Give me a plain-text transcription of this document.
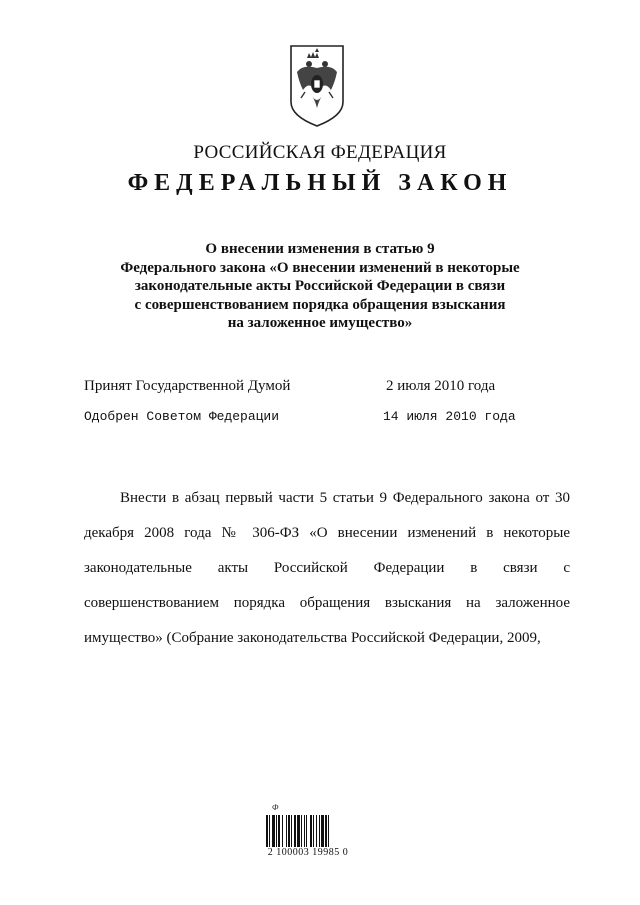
РОССИЙСКАЯ ФЕДЕРАЦИЯ
ФЕДЕРАЛЬНЫЙ ЗАКОН
О внесении изменения в статью 9
Федерального закона «О внесении изменений в некоторые
законодательные акты Российской Федерации в связи
с совершенствованием порядка обращения взыскания
на заложенное имущество»
Принят Государственной Думой	2 июля 2010 года
Одобрен Советом Федерации	14 июля 2010 года

Внести в абзац первый части 5 статьи 9 Федерального закона от 30 декабря 2008 года № 306-ФЗ «О внесении изменений в некоторые законодательные акты Российской Федерации в связи с совершенствованием порядка обращения взыскания на заложенное имущество» (Собрание законодательства Российской Федерации, 2009,

Ф
2 100003 19985 0
